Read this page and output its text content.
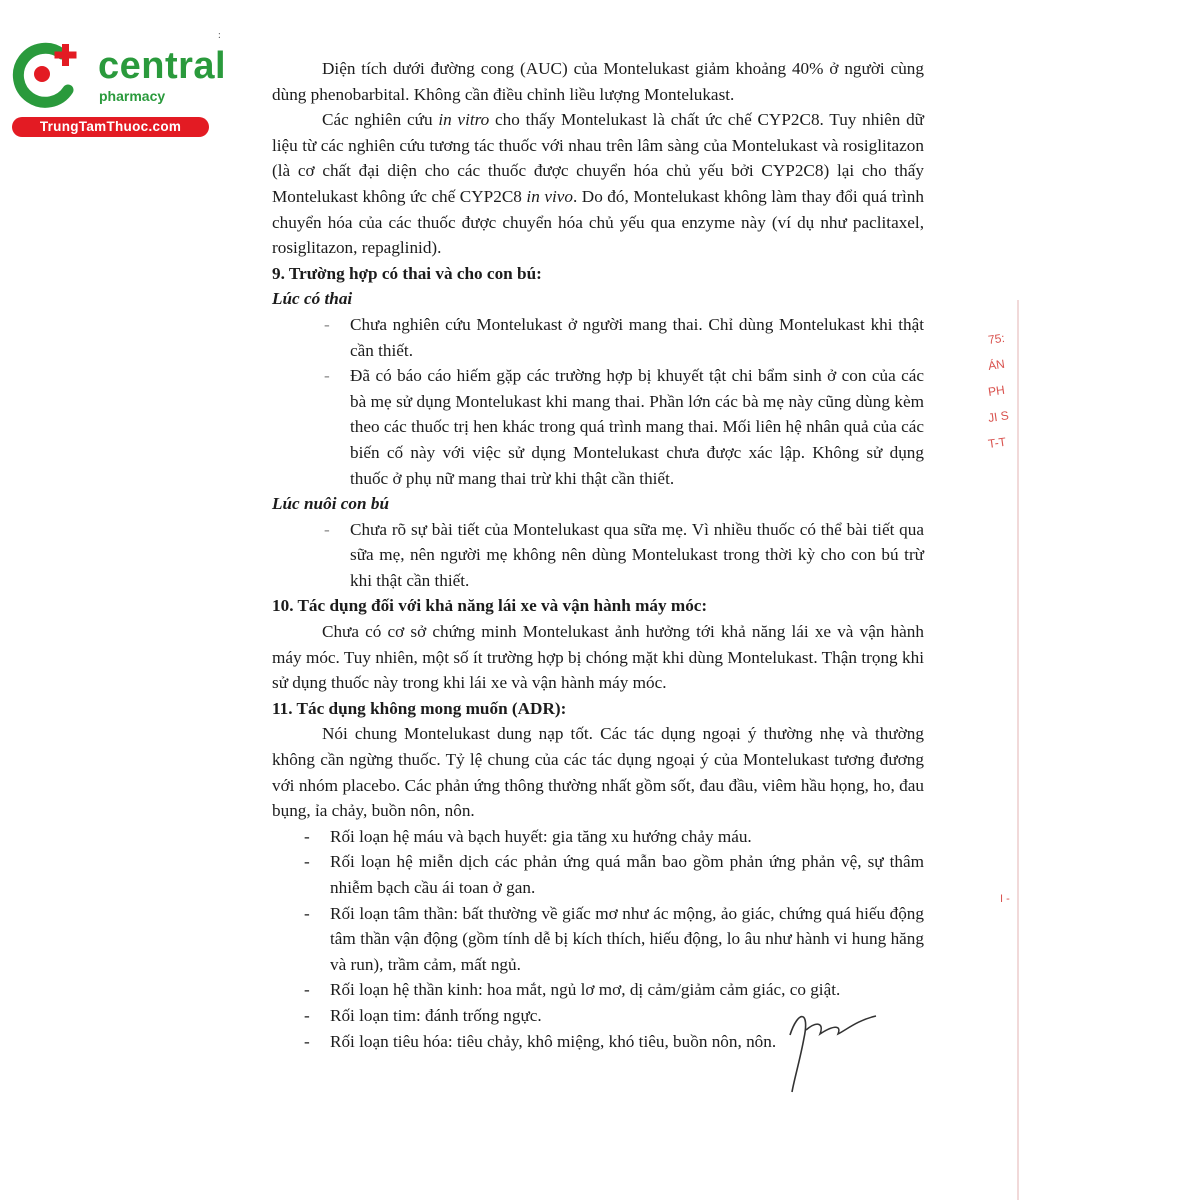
central
pharmacy
TrungTamThuoc.com
:

Diện tích dưới đường cong (AUC) của Montelukast giảm khoảng 40% ở người cùng dùng phenobarbital. Không cần điều chỉnh liều lượng Montelukast.

Các nghiên cứu in vitro cho thấy Montelukast là chất ức chế CYP2C8. Tuy nhiên dữ liệu từ các nghiên cứu tương tác thuốc với nhau trên lâm sàng của Montelukast và rosiglitazon (là cơ chất đại diện cho các thuốc được chuyển hóa chủ yếu bởi CYP2C8) lại cho thấy Montelukast không ức chế CYP2C8 in vivo. Do đó, Montelukast không làm thay đổi quá trình chuyển hóa của các thuốc được chuyển hóa chủ yếu qua enzyme này (ví dụ như paclitaxel, rosiglitazon, repaglinid).

9. Trường hợp có thai và cho con bú:

Lúc có thai

- Chưa nghiên cứu Montelukast ở người mang thai. Chỉ dùng Montelukast khi thật cần thiết.
- Đã có báo cáo hiếm gặp các trường hợp bị khuyết tật chi bẩm sinh ở con của các bà mẹ sử dụng Montelukast khi mang thai. Phần lớn các bà mẹ này cũng dùng kèm theo các thuốc trị hen khác trong quá trình mang thai. Mối liên hệ nhân quả của các biến cố này với việc sử dụng Montelukast chưa được xác lập. Không sử dụng thuốc ở phụ nữ mang thai trừ khi thật cần thiết.

Lúc nuôi con bú

- Chưa rõ sự bài tiết của Montelukast qua sữa mẹ. Vì nhiều thuốc có thể bài tiết qua sữa mẹ, nên người mẹ không nên dùng Montelukast trong thời kỳ cho con bú trừ khi thật cần thiết.

10. Tác dụng đối với khả năng lái xe và vận hành máy móc:

Chưa có cơ sở chứng minh Montelukast ảnh hưởng tới khả năng lái xe và vận hành máy móc. Tuy nhiên, một số ít trường hợp bị chóng mặt khi dùng Montelukast. Thận trọng khi sử dụng thuốc này trong khi lái xe và vận hành máy móc.

11. Tác dụng không mong muốn (ADR):

Nói chung Montelukast dung nạp tốt. Các tác dụng ngoại ý thường nhẹ và thường không cần ngừng thuốc. Tỷ lệ chung của các tác dụng ngoại ý của Montelukast tương đương với nhóm placebo. Các phản ứng thông thường nhất gồm sốt, đau đầu, viêm hầu họng, ho, đau bụng, ỉa chảy, buồn nôn, nôn.

- Rối loạn hệ máu và bạch huyết: gia tăng xu hướng chảy máu.
- Rối loạn hệ miễn dịch các phản ứng quá mẫn bao gồm phản ứng phản vệ, sự thâm nhiễm bạch cầu ái toan ở gan.
- Rối loạn tâm thần: bất thường về giấc mơ như ác mộng, ảo giác, chứng quá hiếu động tâm thần vận động (gồm tính dễ bị kích thích, hiếu động, lo âu như hành vi hung hăng và run), trầm cảm, mất ngủ.
- Rối loạn hệ thần kinh: hoa mắt, ngủ lơ mơ, dị cảm/giảm cảm giác, co giật.
- Rối loạn tim: đánh trống ngực.
- Rối loạn tiêu hóa: tiêu chảy, khô miệng, khó tiêu, buồn nôn, nôn.
75:
ÁN
PH
JI S
T-T
I -
